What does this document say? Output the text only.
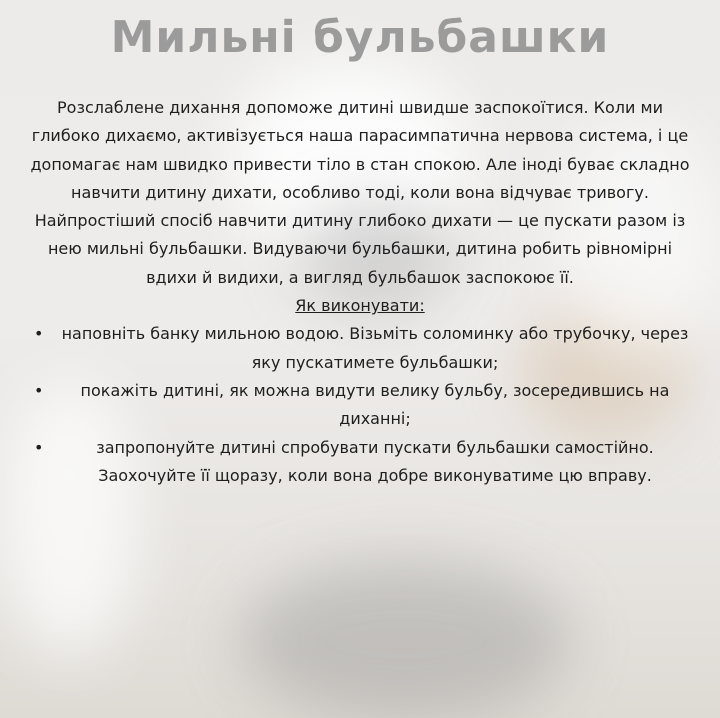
Мильні бульбашки

Розслаблене дихання допоможе дитині швидше заспокоїтися. Коли ми глибоко дихаємо, активізується наша парасимпатична нервова система, і це допомагає нам швидко привести тіло в стан спокою. Але іноді буває складно навчити дитину дихати, особливо тоді, коли вона відчуває тривогу.

Найпростіший спосіб навчити дитину глибоко дихати — це пускати разом із нею мильні бульбашки. Видуваючи бульбашки, дитина робить рівномірні вдихи й видихи, а вигляд бульбашок заспокоює її.

Як виконувати:

• наповніть банку мильною водою. Візьміть соломинку або трубочку, через яку пускатимете бульбашки;
• покажіть дитині, як можна видути велику бульбу, зосередившись на диханні;
•	запропонуйте дитині спробувати пускати бульбашки самостійно. Заохочуйте її щоразу, коли вона добре виконуватиме цю вправу.
